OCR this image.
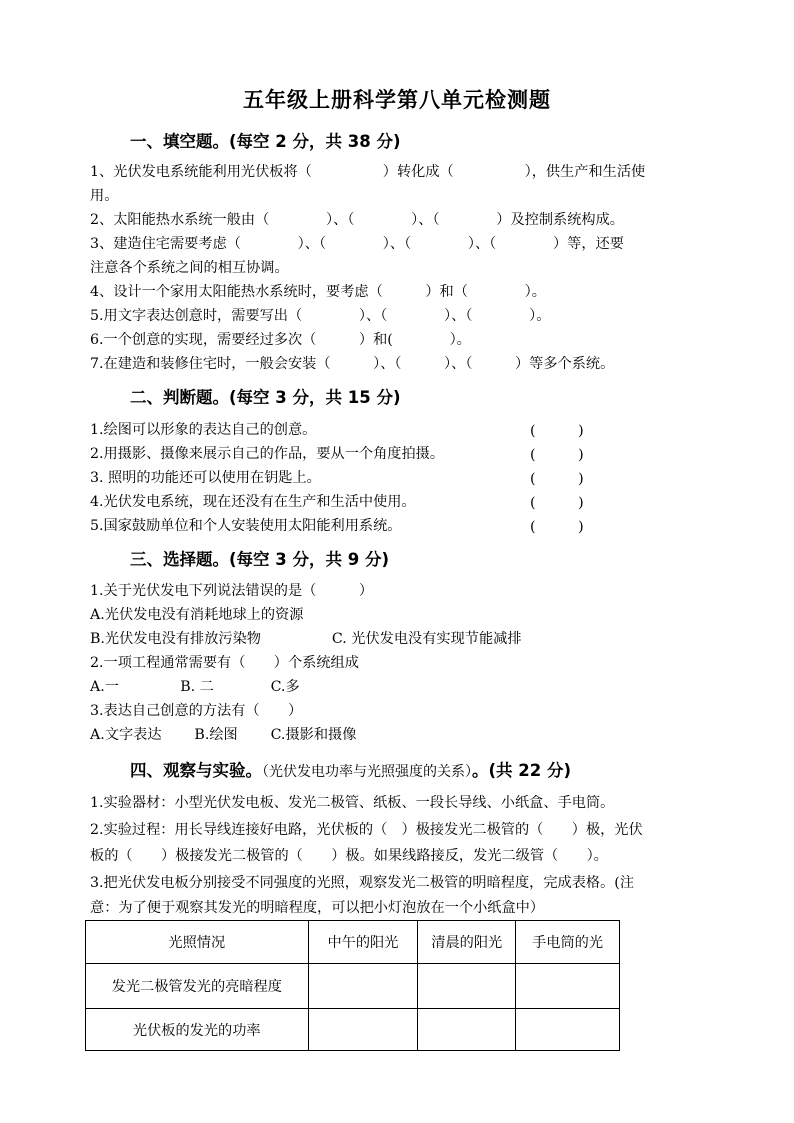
五年级上册科学第八单元检测题
一、填空题。(每空 2 分，共 38 分)
1、光伏发电系统能利用光伏板将（　　　　　）转化成（　　　　　），供生产和生活使
用。
2、太阳能热水系统一般由（　　　　）、（　　　　）、（　　　　）及控制系统构成。
3、建造住宅需要考虑（　　　　）、（　　　　）、（　　　　）、（　　　　）等，还要
注意各个系统之间的相互协调。
4、设计一个家用太阳能热水系统时，要考虑（　　　）和（　　　　）。
5.用文字表达创意时，需要写出（　　　　）、（　　　　）、（　　　　）。
6.一个创意的实现，需要经过多次（　　　）和(　　　　）。
7.在建造和装修住宅时，一般会安装（　　　）、（　　　）、（　　　）等多个系统。
二、判断题。(每空 3 分，共 15 分)
1.绘图可以形象的表达自己的创意。	(　　　)
2.用摄影、摄像来展示自己的作品，要从一个角度拍摄。	(　　　)
3. 照明的功能还可以使用在钥匙上。	(　　　)
4.光伏发电系统，现在还没有在生产和生活中使用。	(　　　)
5.国家鼓励单位和个人安装使用太阳能利用系统。	(　　　)
三、选择题。(每空 3 分，共 9 分)
1.关于光伏发电下列说法错误的是（　　　）
A.光伏发电没有消耗地球上的资源
B.光伏发电没有排放污染物　　　　　C. 光伏发电没有实现节能减排
2.一项工程通常需要有（　　）个系统组成
A.一　　　　 B. 二　　　　C.多
3.表达自己创意的方法有（　　）
A.文字表达　　 B.绘图　　 C.摄影和摄像
四、观察与实验。（光伏发电功率与光照强度的关系）。(共 22 分)
1.实验器材：小型光伏发电板、发光二极管、纸板、一段长导线、小纸盒、手电筒。
2.实验过程：用长导线连接好电路，光伏板的（　）极接发光二极管的（　　）极，光伏
板的（　　）极接发光二极管的（　　）极。如果线路接反，发光二级管（　　）。
3.把光伏发电板分别接受不同强度的光照，观察发光二极管的明暗程度，完成表格。(注
意：为了便于观察其发光的明暗程度，可以把小灯泡放在一个小纸盒中）
光照情况	中午的阳光	清晨的阳光	手电筒的光
发光二极管发光的亮暗程度			
光伏板的发光的功率			
